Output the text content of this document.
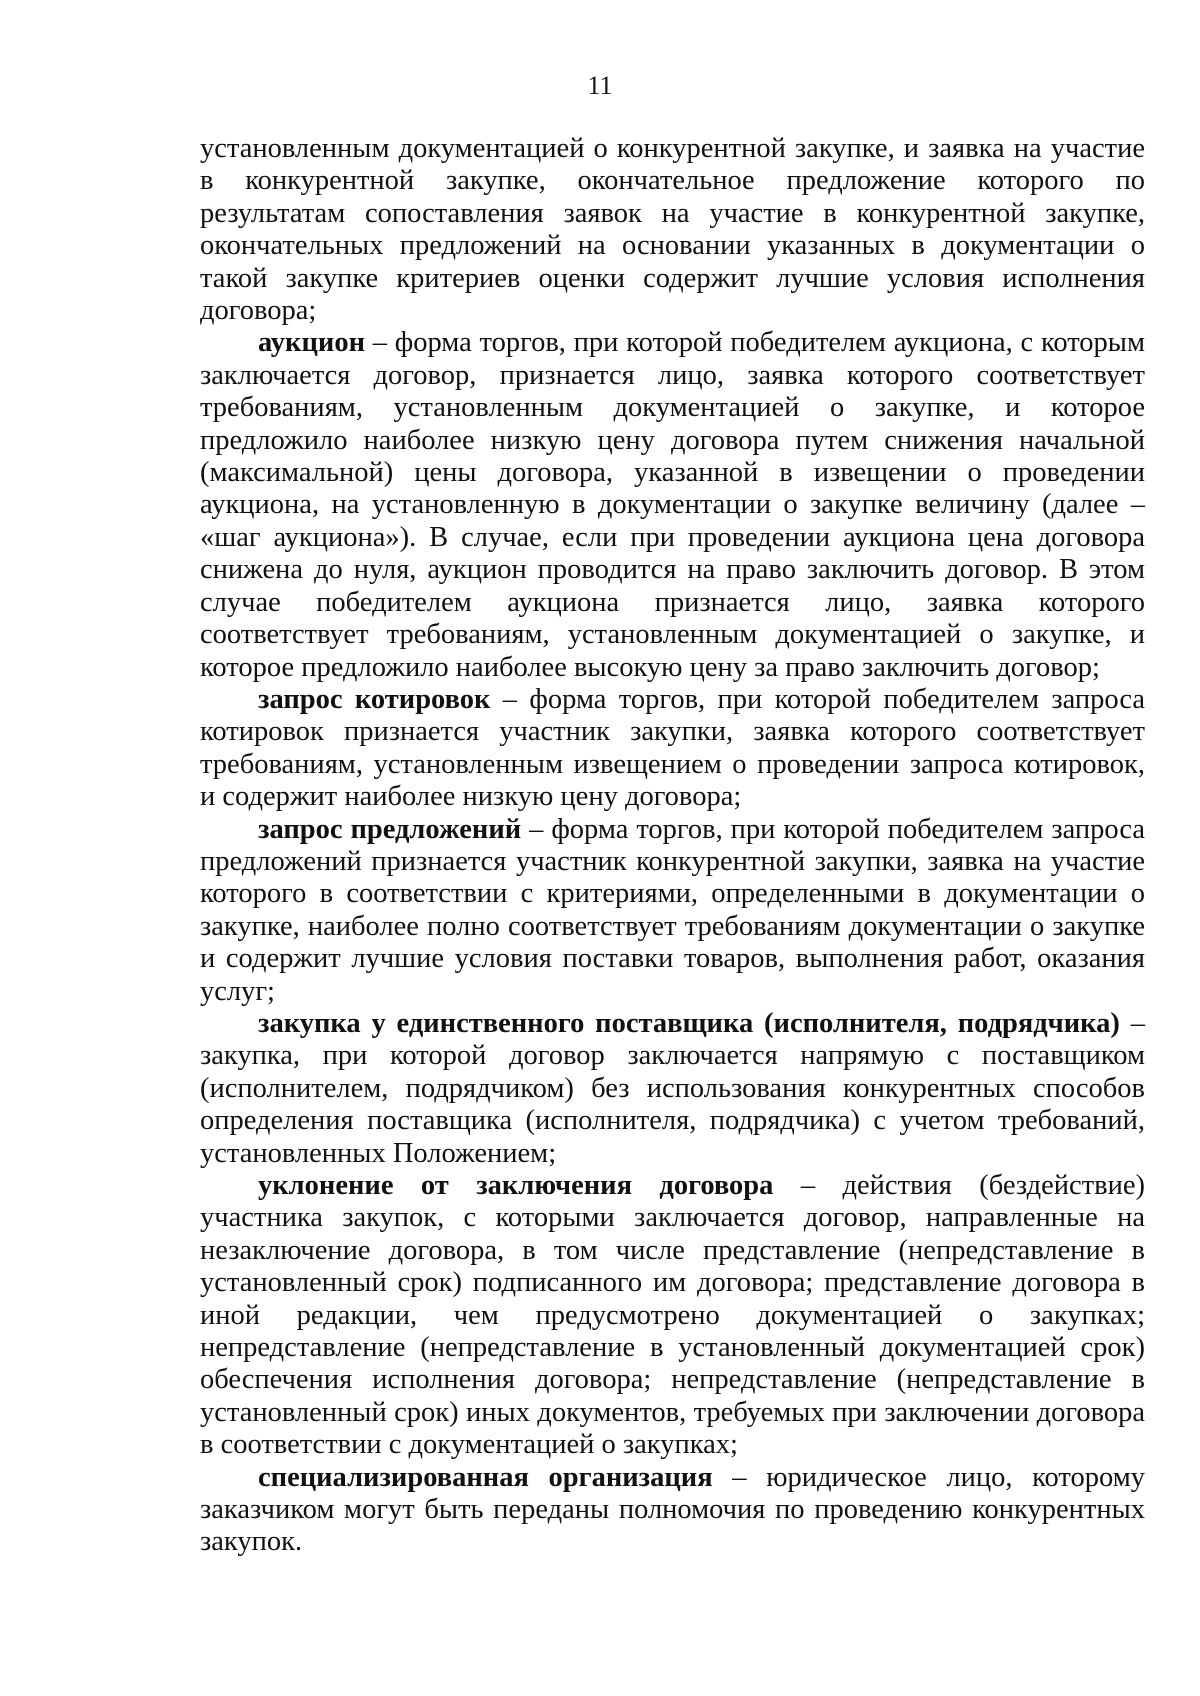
11

установленным документацией о конкурентной закупке, и заявка на участие в конкурентной закупке, окончательное предложение которого по результатам сопоставления заявок на участие в конкурентной закупке, окончательных предложений на основании указанных в документации о такой закупке критериев оценки содержит лучшие условия исполнения договора;

аукцион – форма торгов, при которой победителем аукциона, с которым заключается договор, признается лицо, заявка которого соответствует требованиям, установленным документацией о закупке, и которое предложило наиболее низкую цену договора путем снижения начальной (максимальной) цены договора, указанной в извещении о проведении аукциона, на установленную в документации о закупке величину (далее – «шаг аукциона»). В случае, если при проведении аукциона цена договора снижена до нуля, аукцион проводится на право заключить договор. В этом случае победителем аукциона признается лицо, заявка которого соответствует требованиям, установленным документацией о закупке, и которое предложило наиболее высокую цену за право заключить договор;

запрос котировок – форма торгов, при которой победителем запроса котировок признается участник закупки, заявка которого соответствует требованиям, установленным извещением о проведении запроса котировок, и содержит наиболее низкую цену договора;

запрос предложений – форма торгов, при которой победителем запроса предложений признается участник конкурентной закупки, заявка на участие которого в соответствии с критериями, определенными в документации о закупке, наиболее полно соответствует требованиям документации о закупке и содержит лучшие условия поставки товаров, выполнения работ, оказания услуг;

закупка у единственного поставщика (исполнителя, подрядчика) – закупка, при которой договор заключается напрямую с поставщиком (исполнителем, подрядчиком) без использования конкурентных способов определения поставщика (исполнителя, подрядчика) с учетом требований, установленных Положением;

уклонение от заключения договора – действия (бездействие) участника закупок, с которыми заключается договор, направленные на незаключение договора, в том числе представление (непредставление в установленный срок) подписанного им договора; представление договора в иной редакции, чем предусмотрено документацией о закупках; непредставление (непредставление в установленный документацией срок) обеспечения исполнения договора; непредставление (непредставление в установленный срок) иных документов, требуемых при заключении договора в соответствии с документацией о закупках;

специализированная организация – юридическое лицо, которому заказчиком могут быть переданы полномочия по проведению конкурентных закупок.
